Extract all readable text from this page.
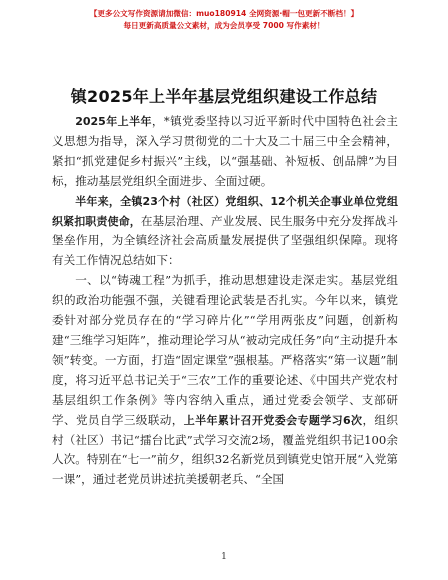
【更多公文写作资源请加微信：muo180914 全网资源·帽一包更新不断档！】
每日更新高质量公文素材，成为会员享受 7000 写作素材！
镇2025年上半年基层党组织建设工作总结

2025年上半年，*镇党委坚持以习近平新时代中国特色社会主义思想为指导，深入学习贯彻党的二十大及二十届三中全会精神，紧扣“抓党建促乡村振兴”主线，以“强基础、补短板、创品牌”为目标，推动基层党组织全面进步、全面过硬。

半年来，全镇23个村（社区）党组织、12个机关企事业单位党组织紧扣职责使命，在基层治理、产业发展、民生服务中充分发挥战斗堡垒作用，为全镇经济社会高质量发展提供了坚强组织保障。现将有关工作情况总结如下：

一、以“铸魂工程”为抓手，推动思想建设走深走实。基层党组织的政治功能强不强，关键看理论武装是否扎实。今年以来，镇党委针对部分党员存在的“学习碎片化”“学用两张皮”问题，创新构建“三维学习矩阵”，推动理论学习从“被动完成任务”向“主动提升本领”转变。一方面，打造“固定课堂”强根基。严格落实“第一议题”制度，将习近平总书记关于“三农”工作的重要论述、《中国共产党农村基层组织工作条例》等内容纳入重点，通过党委会领学、支部研学、党员自学三级联动，上半年累计召开党委会专题学习6次，组织村（社区）书记“擂台比武”式学习交流2场，覆盖党组织书记100余人次。特别在“七一”前夕，组织32名新党员到镇党史馆开展“入党第一课”，通过老党员讲述抗美援朝老兵、“全国

1
